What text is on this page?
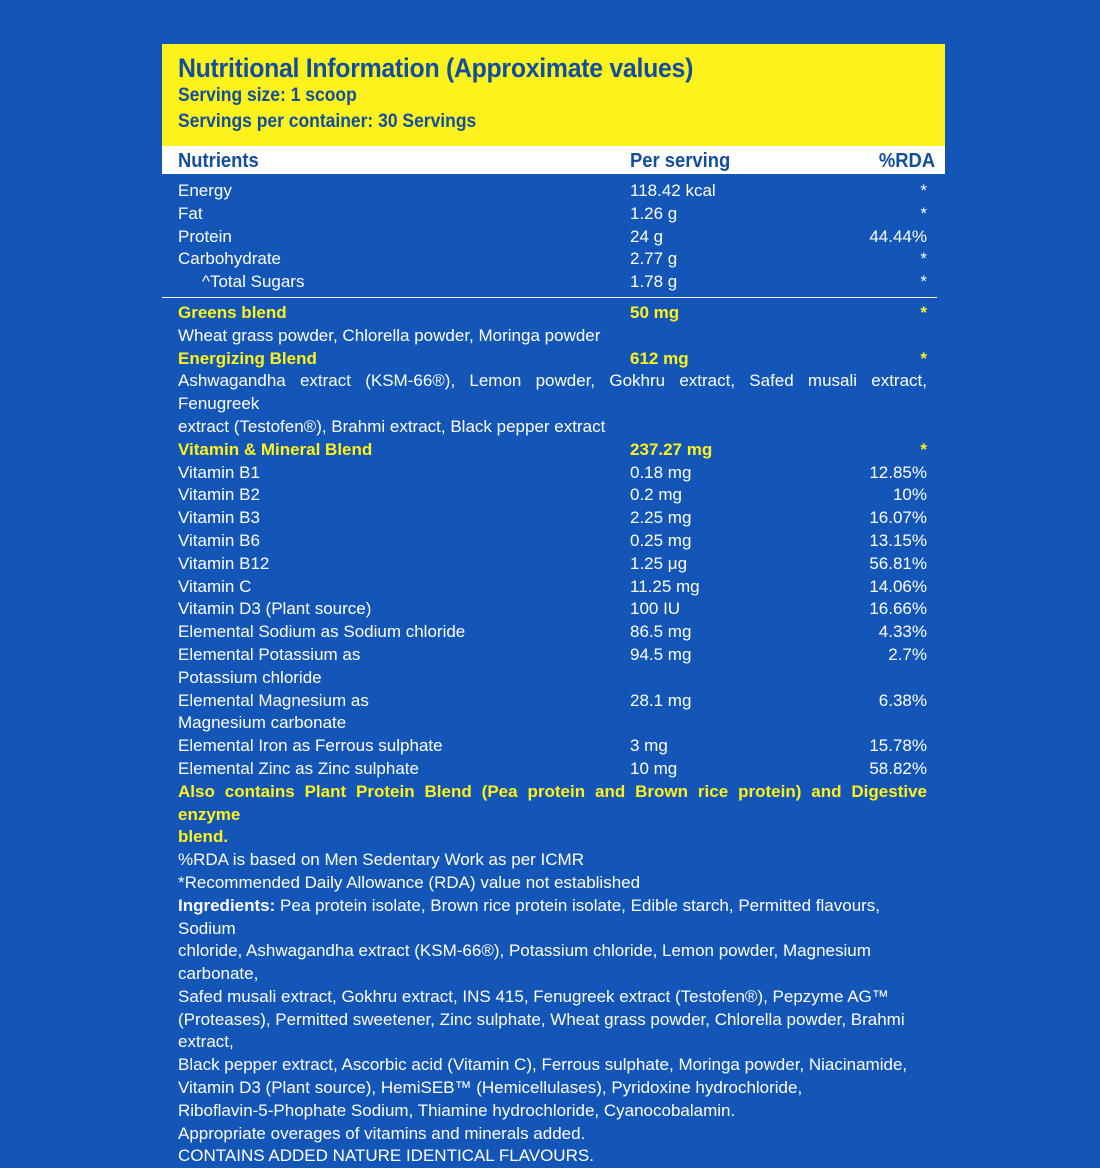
Nutritional Information (Approximate values)
Serving size: 1 scoop
Servings per container: 30 Servings
Nutrients	Per serving	%RDA
Energy	118.42 kcal	*
Fat	1.26 g	*
Protein	24 g	44.44%
Carbohydrate	2.77 g	*
^Total Sugars	1.78 g	*
Greens blend	50 mg	*
Wheat grass powder, Chlorella powder, Moringa powder
Energizing Blend	612 mg	*
Ashwagandha extract (KSM-66®), Lemon powder, Gokhru extract, Safed musali extract, Fenugreek
extract (Testofen®), Brahmi extract, Black pepper extract
Vitamin & Mineral Blend	237.27 mg	*
Vitamin B1	0.18 mg	12.85%
Vitamin B2	0.2 mg	10%
Vitamin B3	2.25 mg	16.07%
Vitamin B6	0.25 mg	13.15%
Vitamin B12	1.25 μg	56.81%
Vitamin C	11.25 mg	14.06%
Vitamin D3 (Plant source)	100 IU	16.66%
Elemental Sodium as Sodium chloride	86.5 mg	4.33%
Elemental Potassium as	94.5 mg	2.7%
Potassium chloride
Elemental Magnesium as	28.1 mg	6.38%
Magnesium carbonate
Elemental Iron as Ferrous sulphate	3 mg	15.78%
Elemental Zinc as Zinc sulphate	10 mg	58.82%
Also contains Plant Protein Blend (Pea protein and Brown rice protein) and Digestive enzyme
blend.
%RDA is based on Men Sedentary Work as per ICMR
*Recommended Daily Allowance (RDA) value not established
Ingredients: Pea protein isolate, Brown rice protein isolate, Edible starch, Permitted flavours, Sodium
chloride, Ashwagandha extract (KSM-66®), Potassium chloride, Lemon powder, Magnesium carbonate,
Safed musali extract, Gokhru extract, INS 415, Fenugreek extract (Testofen®), Pepzyme AG™
(Proteases), Permitted sweetener, Zinc sulphate, Wheat grass powder, Chlorella powder, Brahmi extract,
Black pepper extract, Ascorbic acid (Vitamin C), Ferrous sulphate, Moringa powder, Niacinamide,
Vitamin D3 (Plant source), HemiSEB™ (Hemicellulases), Pyridoxine hydrochloride,
Riboflavin-5-Phophate Sodium, Thiamine hydrochloride, Cyanocobalamin.
Appropriate overages of vitamins and minerals added.
CONTAINS ADDED NATURE IDENTICAL FLAVOURS.
